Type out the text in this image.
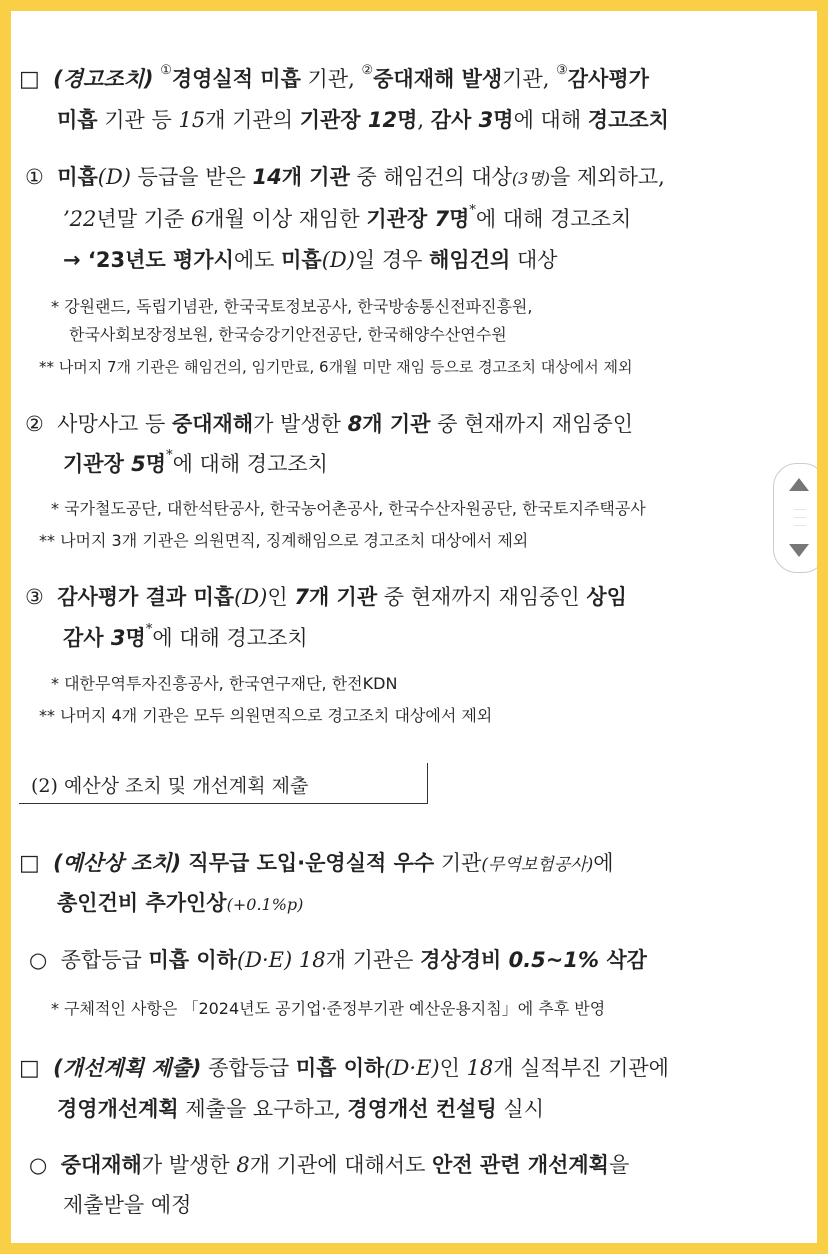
□ (경고조치) ①경영실적 미흡 기관, ②중대재해 발생기관, ③감사평가
미흡 기관 등 15개 기관의 기관장 12명, 감사 3명에 대해 경고조치
① 미흡(D) 등급을 받은 14개 기관 중 해임건의 대상(3명)을 제외하고,
’22년말 기준 6개월 이상 재임한 기관장 7명*에 대해 경고조치
→ ‘23년도 평가시에도 미흡(D)일 경우 해임건의 대상
* 강원랜드, 독립기념관, 한국국토정보공사, 한국방송통신전파진흥원,
한국사회보장정보원, 한국승강기안전공단, 한국해양수산연수원
** 나머지 7개 기관은 해임건의, 임기만료, 6개월 미만 재임 등으로 경고조치 대상에서 제외
②  사망사고 등 중대재해가 발생한 8개 기관 중 현재까지 재임중인
기관장 5명*에 대해 경고조치
* 국가철도공단, 대한석탄공사, 한국농어촌공사, 한국수산자원공단, 한국토지주택공사
** 나머지 3개 기관은 의원면직, 징계해임으로 경고조치 대상에서 제외
③ 감사평가 결과 미흡(D)인 7개 기관 중 현재까지 재임중인 상임
감사 3명*에 대해 경고조치
* 대한무역투자진흥공사, 한국연구재단, 한전KDN
** 나머지 4개 기관은 모두 의원면직으로 경고조치 대상에서 제외
(2) 예산상 조치 및 개선계획 제출
□ (예산상 조치) 직무급 도입·운영실적 우수 기관(무역보험공사)에
총인건비 추가인상(+0.1%p)
○  종합등급 미흡 이하(D·E) 18개 기관은 경상경비 0.5~1% 삭감
* 구체적인 사항은 「2024년도 공기업·준정부기관 예산운용지침」에 추후 반영
□ (개선계획 제출) 종합등급 미흡 이하(D·E)인 18개 실적부진 기관에
경영개선계획 제출을 요구하고, 경영개선 컨설팅 실시
○ 중대재해가 발생한 8개 기관에 대해서도 안전 관련 개선계획을
제출받을 예정
